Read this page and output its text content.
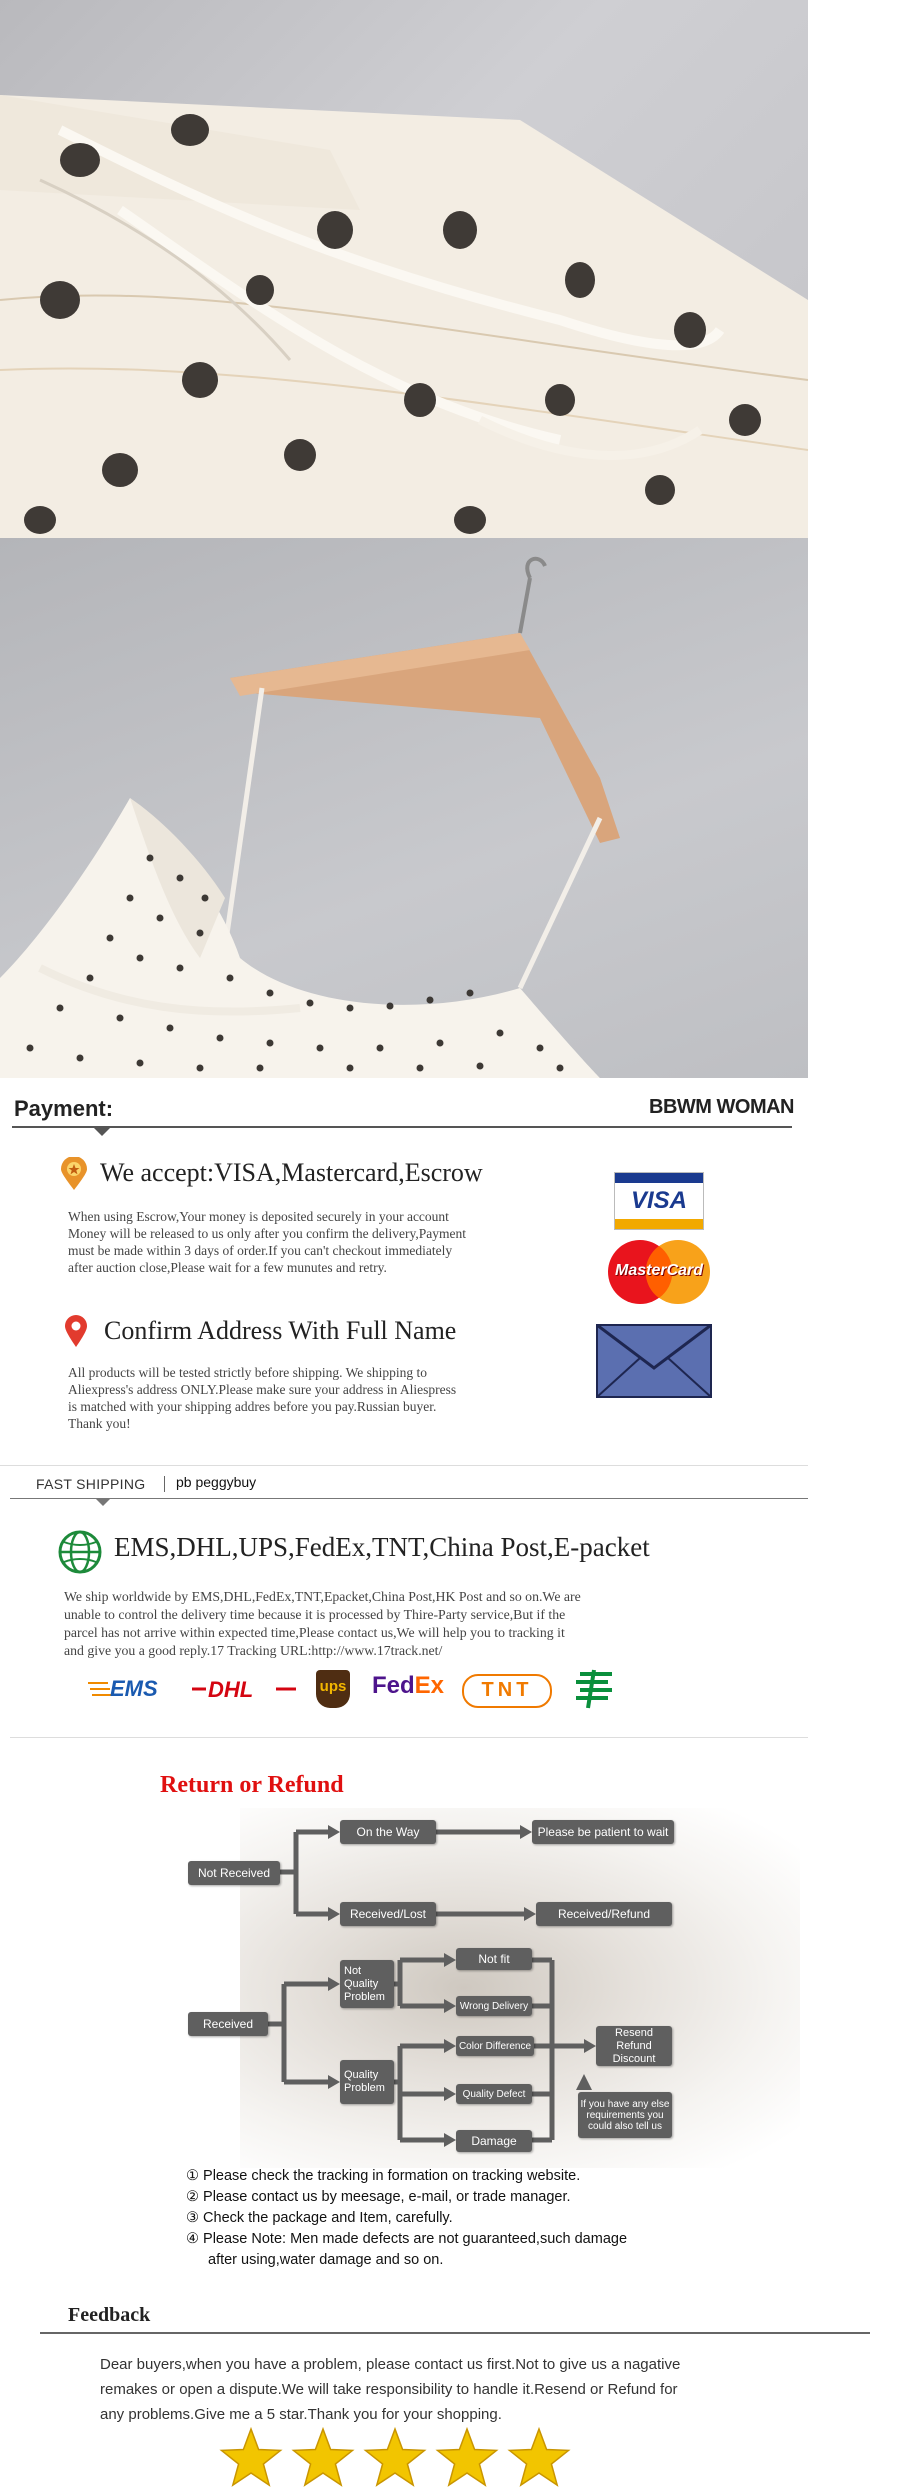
Payment:	BBWM WOMAN
We accept:VISA,Mastercard,Escrow
When using Escrow,Your money is deposited securely in your account
Money will be released to us only after you confirm the delivery,Payment
must be made within 3 days of order.If you can't checkout immediately
after auction close,Please wait for a few munutes and retry.
VISA
MasterCard
Confirm Address With Full Name
All products will be tested strictly before shipping. We shipping to
Aliexpress's address ONLY.Please make sure your address in Aliespress
is matched with your shipping addres before you pay.Russian buyer.
Thank you!
FAST SHIPPING pb peggybuy
EMS,DHL,UPS,FedEx,TNT,China Post,E-packet
We ship worldwide by EMS,DHL,FedEx,TNT,Epacket,China Post,HK Post and so on.We are
unable to control the delivery time because it is processed by Thire-Party service,But if the
parcel has not arrive within expected time,Please contact us,We will help you to tracking it
and give you a good reply.17 Tracking URL:http://www.17track.net/
EMS DHL	ups FedEx	TNT
Return or Refund
Not Received
On the Way	Please be patient to wait
Received/Lost	Received/Refund
Received
Not Quality Problem
Quality Problem
Not fit
Wrong Delivery
Color Difference
Quality Defect
Damage
Resend Refund Discount
If you have any else requirements you could also tell us
① Please check the tracking in formation on tracking website.
② Please contact us by meesage, e-mail, or trade manager.
③ Check the package and Item, carefully.
④ Please Note: Men made defects are not guaranteed,such damage
after using,water damage and so on.
Feedback
Dear buyers,when you have a problem, please contact us first.Not to give us a nagative
remakes or open a dispute.We will take responsibility to handle it.Resend or Refund for
any problems.Give me a 5 star.Thank you for your shopping.
